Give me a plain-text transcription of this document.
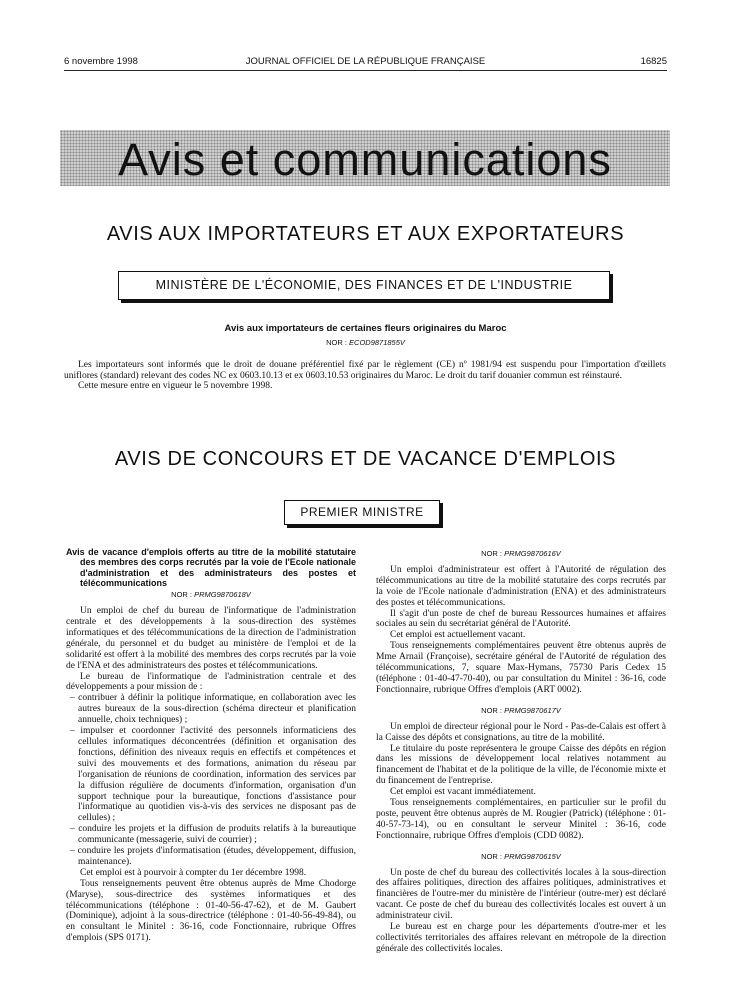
6 novembre 1998	JOURNAL OFFICIEL DE LA RÉPUBLIQUE FRANÇAISE	16825
Avis et communications
AVIS AUX IMPORTATEURS ET AUX EXPORTATEURS
MINISTÈRE DE L'ÉCONOMIE, DES FINANCES ET DE L'INDUSTRIE
Avis aux importateurs de certaines fleurs originaires du Maroc
NOR : ECOD9871855V

Les importateurs sont informés que le droit de douane préférentiel fixé par le règlement (CE) nº 1981/94 est suspendu pour l'importation d'œillets uniflores (standard) relevant des codes NC ex 0603.10.13 et ex 0603.10.53 originaires du Maroc. Le droit du tarif douanier commun est réinstauré.

Cette mesure entre en vigueur le 5 novembre 1998.

AVIS DE CONCOURS ET DE VACANCE D'EMPLOIS
PREMIER MINISTRE

Avis de vacance d'emplois offerts au titre de la mobilité statutaire des membres des corps recrutés par la voie de l'Ecole nationale d'administration et des administrateurs des postes et télécommunications

NOR : PRMG9870618V

Un emploi de chef du bureau de l'informatique de l'administration centrale et des développements à la sous-direction des systèmes informatiques et des télécommunications de la direction de l'administration générale, du personnel et du budget au ministère de l'emploi et de la solidarité est offert à la mobilité des membres des corps recrutés par la voie de l'ENA et des administrateurs des postes et télécommunications.

Le bureau de l'informatique de l'administration centrale et des développements a pour mission de :

– contribuer à définir la politique informatique, en collaboration avec les autres bureaux de la sous-direction (schéma directeur et planification annuelle, choix techniques) ;
– impulser et coordonner l'activité des personnels informaticiens des cellules informatiques déconcentrées (définition et organisation des fonctions, définition des niveaux requis en effectifs et compétences et suivi des mouvements et des formations, animation du réseau par l'organisation de réunions de coordination, information des services par la diffusion régulière de documents d'information, organisation d'un support technique pour la bureautique, fonctions d'assistance pour l'informatique au quotidien vis-à-vis des services ne disposant pas de cellules) ;
– conduire les projets et la diffusion de produits relatifs à la bureautique communicante (messagerie, suivi de courrier) ;
– conduire les projets d'informatisation (études, développement, diffusion, maintenance).

Cet emploi est à pourvoir à compter du 1er décembre 1998.

Tous renseignements peuvent être obtenus auprès de Mme Chodorge (Maryse), sous-directrice des systèmes informatiques et des télécommunications (téléphone : 01-40-56-47-62), et de M. Gaubert (Dominique), adjoint à la sous-directrice (téléphone : 01-40-56-49-84), ou en consultant le Minitel : 36-16, code Fonctionnaire, rubrique Offres d'emplois (SPS 0171).

NOR : PRMG9870616V

Un emploi d'administrateur est offert à l'Autorité de régulation des télécommunications au titre de la mobilité statutaire des corps recrutés par la voie de l'Ecole nationale d'administration (ENA) et des administrateurs des postes et télécommunications.

Il s'agit d'un poste de chef de bureau Ressources humaines et affaires sociales au sein du secrétariat général de l'Autorité.

Cet emploi est actuellement vacant.

Tous renseignements complémentaires peuvent être obtenus auprès de Mme Arnail (Françoise), secrétaire général de l'Autorité de régulation des télécommunications, 7, square Max-Hymans, 75730 Paris Cedex 15 (téléphone : 01-40-47-70-40), ou par consultation du Minitel : 36-16, code Fonctionnaire, rubrique Offres d'emplois (ART 0002).

NOR : PRMG9870617V

Un emploi de directeur régional pour le Nord - Pas-de-Calais est offert à la Caisse des dépôts et consignations, au titre de la mobilité.

Le titulaire du poste représentera le groupe Caisse des dépôts en région dans les missions de développement local relatives notamment au financement de l'habitat et de la politique de la ville, de l'économie mixte et du financement de l'entreprise.

Cet emploi est vacant immédiatement.

Tous renseignements complémentaires, en particulier sur le profil du poste, peuvent être obtenus auprès de M. Rougier (Patrick) (téléphone : 01-40-57-73-14), ou en consultant le serveur Minitel : 36-16, code Fonctionnaire, rubrique Offres d'emplois (CDD 0082).

NOR : PRMG9870615V

Un poste de chef du bureau des collectivités locales à la sous-direction des affaires politiques, direction des affaires politiques, administratives et financières de l'outre-mer du ministère de l'intérieur (outre-mer) est déclaré vacant. Ce poste de chef du bureau des collectivités locales est ouvert à un administrateur civil.

Le bureau est en charge pour les départements d'outre-mer et les collectivités territoriales des affaires relevant en métropole de la direction générale des collectivités locales.
